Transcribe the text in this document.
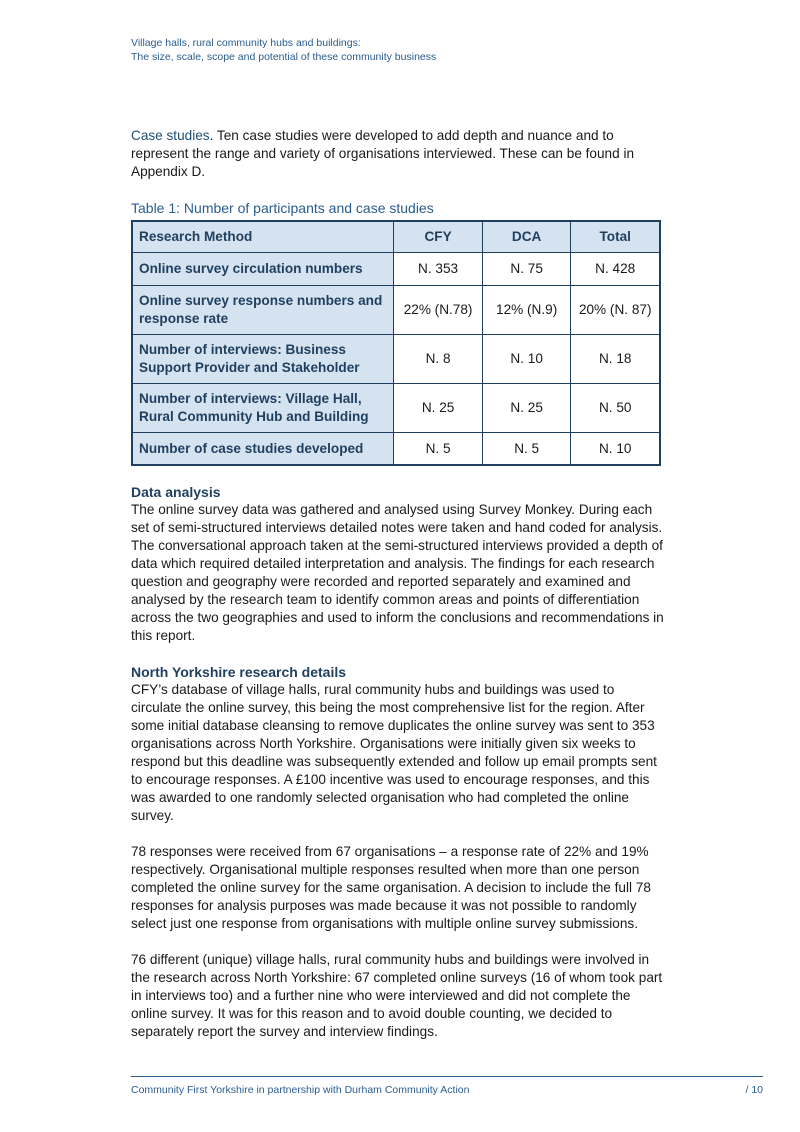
Village halls, rural community hubs and buildings:
The size, scale, scope and potential of these community business

Case studies. Ten case studies were developed to add depth and nuance and to represent the range and variety of organisations interviewed. These can be found in Appendix D.

Table 1: Number of participants and case studies
Research Method	CFY	DCA	Total
Online survey circulation numbers	N. 353	N. 75	N. 428
Online survey response numbers and response rate	22% (N.78)	12% (N.9)	20% (N. 87)
Number of interviews: Business Support Provider and Stakeholder	N. 8	N. 10	N. 18
Number of interviews: Village Hall, Rural Community Hub and Building	N. 25	N. 25	N. 50
Number of case studies developed	N. 5	N. 5	N. 10
Data analysis

The online survey data was gathered and analysed using Survey Monkey. During each set of semi-structured interviews detailed notes were taken and hand coded for analysis. The conversational approach taken at the semi-structured interviews provided a depth of data which required detailed interpretation and analysis. The findings for each research question and geography were recorded and reported separately and examined and analysed by the research team to identify common areas and points of differentiation across the two geographies and used to inform the conclusions and recommendations in this report.

North Yorkshire research details

CFY’s database of village halls, rural community hubs and buildings was used to circulate the online survey, this being the most comprehensive list for the region. After some initial database cleansing to remove duplicates the online survey was sent to 353 organisations across North Yorkshire. Organisations were initially given six weeks to respond but this deadline was subsequently extended and follow up email prompts sent to encourage responses. A £100 incentive was used to encourage responses, and this was awarded to one randomly selected organisation who had completed the online survey.

78 responses were received from 67 organisations – a response rate of 22% and 19% respectively. Organisational multiple responses resulted when more than one person completed the online survey for the same organisation. A decision to include the full 78 responses for analysis purposes was made because it was not possible to randomly select just one response from organisations with multiple online survey submissions.

76 different (unique) village halls, rural community hubs and buildings were involved in the research across North Yorkshire: 67 completed online surveys (16 of whom took part in interviews too) and a further nine who were interviewed and did not complete the online survey. It was for this reason and to avoid double counting, we decided to separately report the survey and interview findings.

Community First Yorkshire in partnership with Durham Community Action	/ 10
